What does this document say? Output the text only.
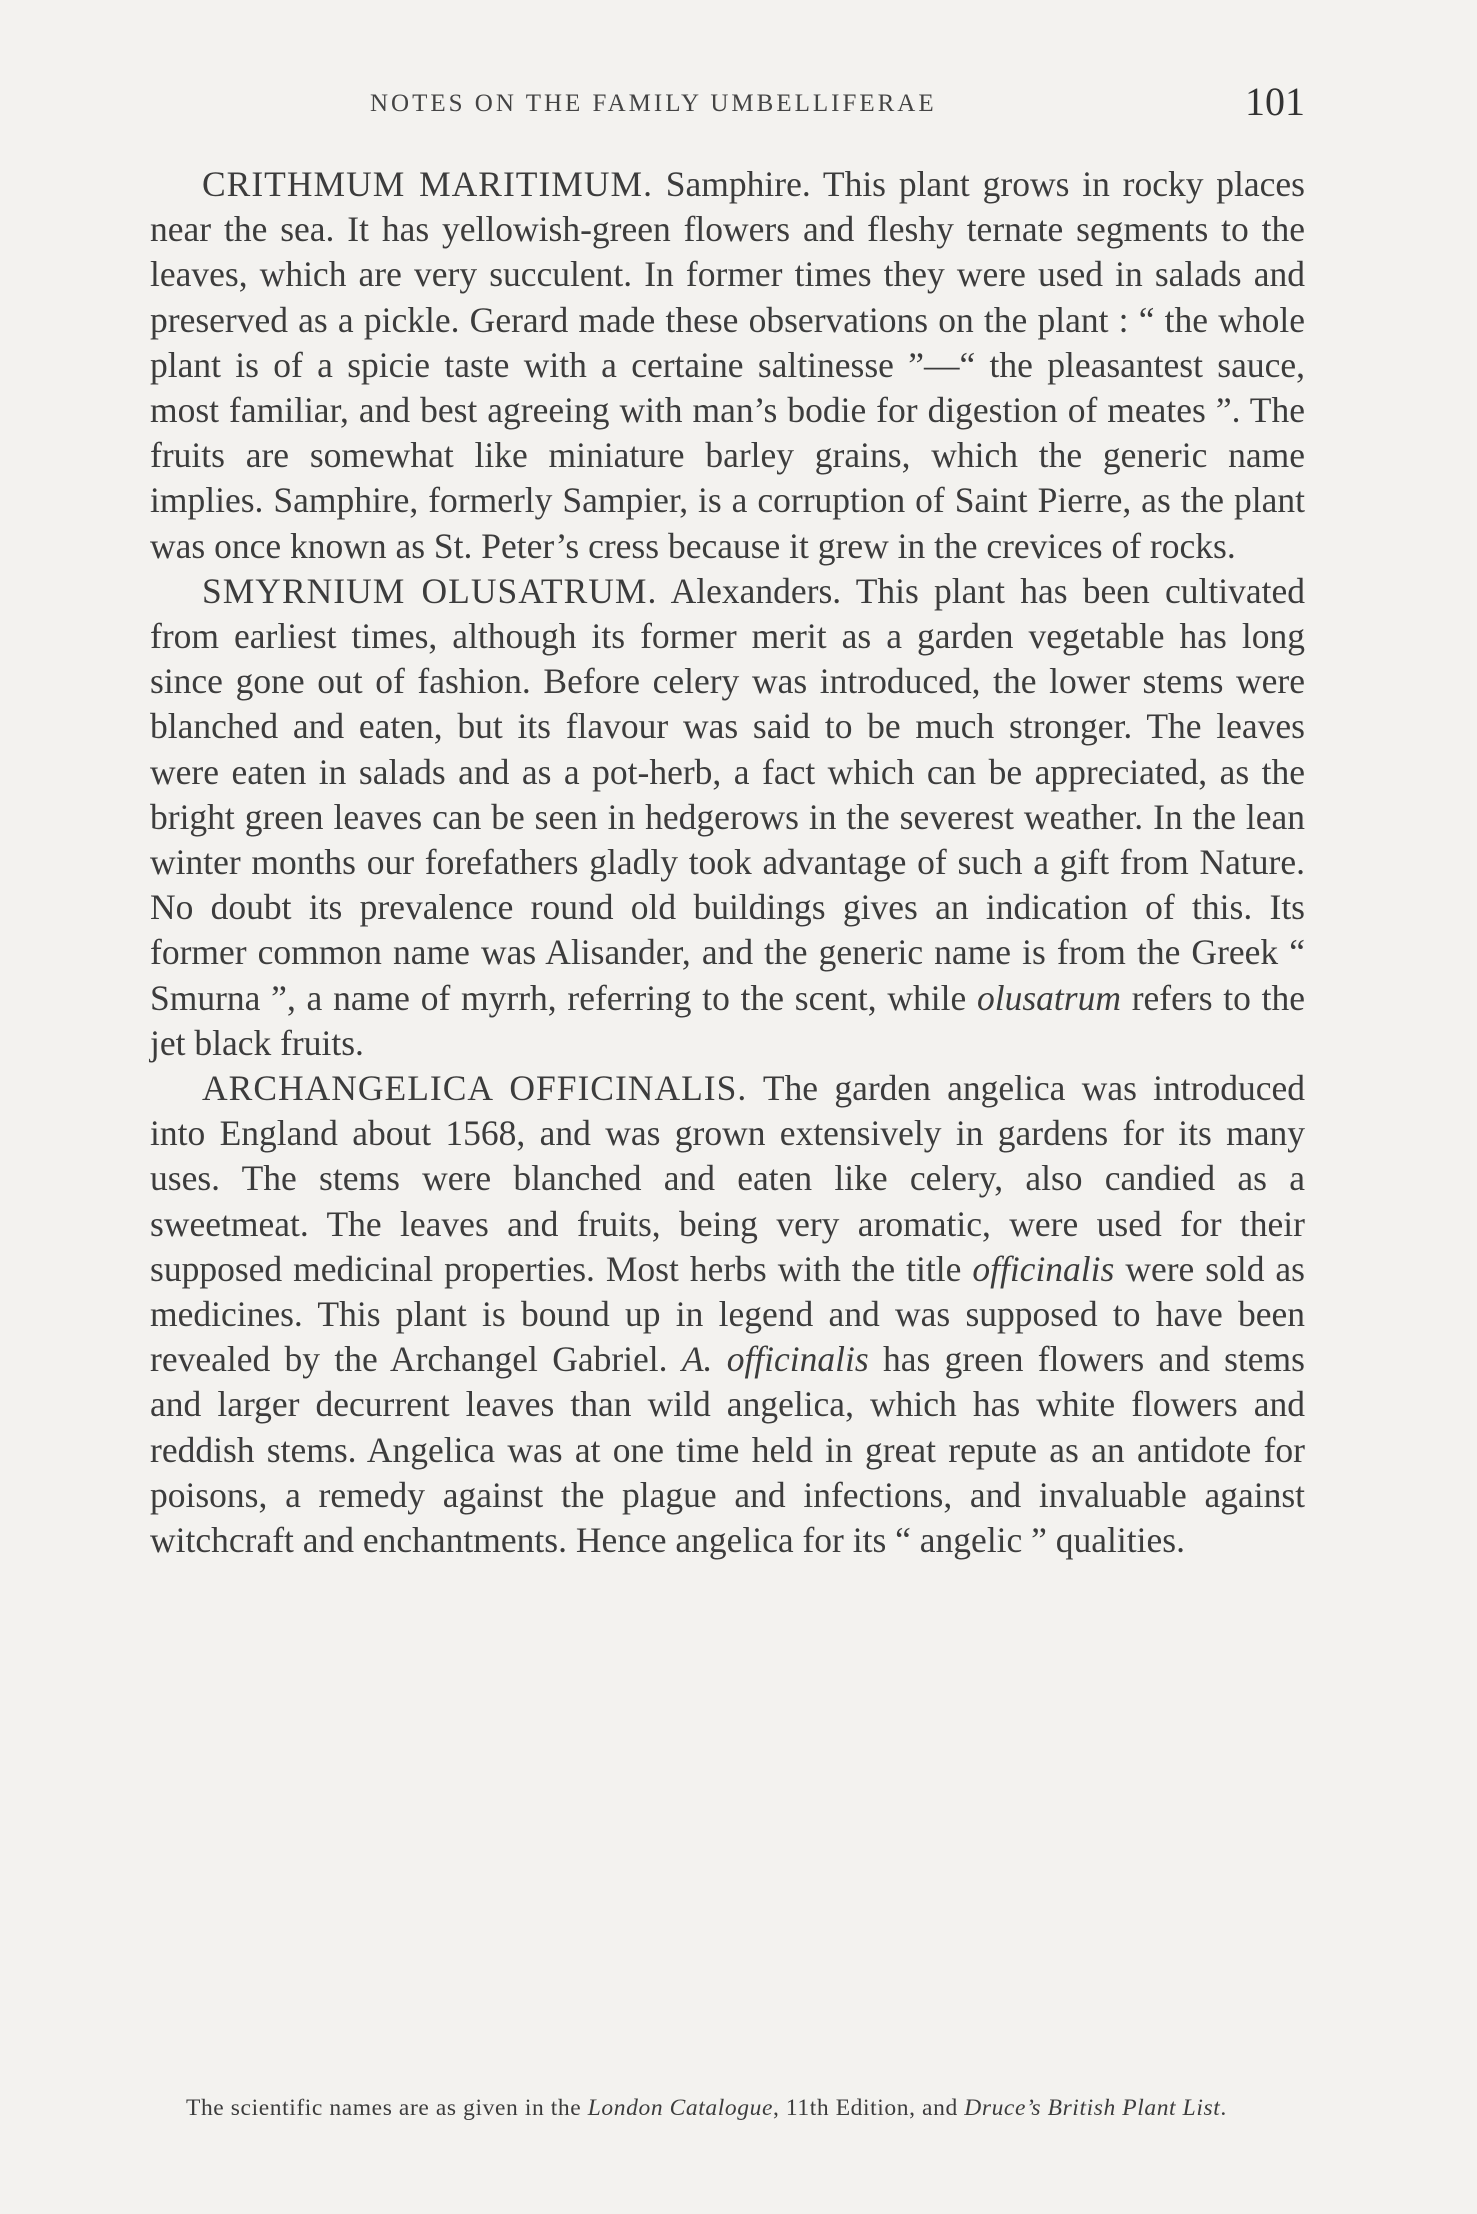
NOTES ON THE FAMILY UMBELLIFERAE	101

CRITHMUM MARITIMUM. Samphire. This plant grows in rocky places near the sea. It has yellowish-green flowers and fleshy ternate segments to the leaves, which are very succulent. In former times they were used in salads and preserved as a pickle. Gerard made these observations on the plant : “ the whole plant is of a spicie taste with a certaine saltinesse ”—“ the pleasantest sauce, most familiar, and best agreeing with man’s bodie for digestion of meates ”. The fruits are somewhat like miniature barley grains, which the generic name implies. Samphire, formerly Sampier, is a corruption of Saint Pierre, as the plant was once known as St. Peter’s cress because it grew in the crevices of rocks.

SMYRNIUM OLUSATRUM. Alexanders. This plant has been cultivated from earliest times, although its former merit as a garden vegetable has long since gone out of fashion. Before celery was introduced, the lower stems were blanched and eaten, but its flavour was said to be much stronger. The leaves were eaten in salads and as a pot-herb, a fact which can be appreciated, as the bright green leaves can be seen in hedgerows in the severest weather. In the lean winter months our forefathers gladly took advantage of such a gift from Nature. No doubt its prevalence round old buildings gives an indication of this. Its former common name was Alisander, and the generic name is from the Greek “ Smurna ”, a name of myrrh, referring to the scent, while olusatrum refers to the jet black fruits.

ARCHANGELICA OFFICINALIS. The garden angelica was introduced into England about 1568, and was grown extensively in gardens for its many uses. The stems were blanched and eaten like celery, also candied as a sweetmeat. The leaves and fruits, being very aromatic, were used for their supposed medicinal properties. Most herbs with the title officinalis were sold as medicines. This plant is bound up in legend and was supposed to have been revealed by the Archangel Gabriel. A. officinalis has green flowers and stems and larger decurrent leaves than wild angelica, which has white flowers and reddish stems. Angelica was at one time held in great repute as an antidote for poisons, a remedy against the plague and infections, and invaluable against witchcraft and enchantments. Hence angelica for its “ angelic ” qualities.

The scientific names are as given in the London Catalogue, 11th Edition, and Druce’s British Plant List.
